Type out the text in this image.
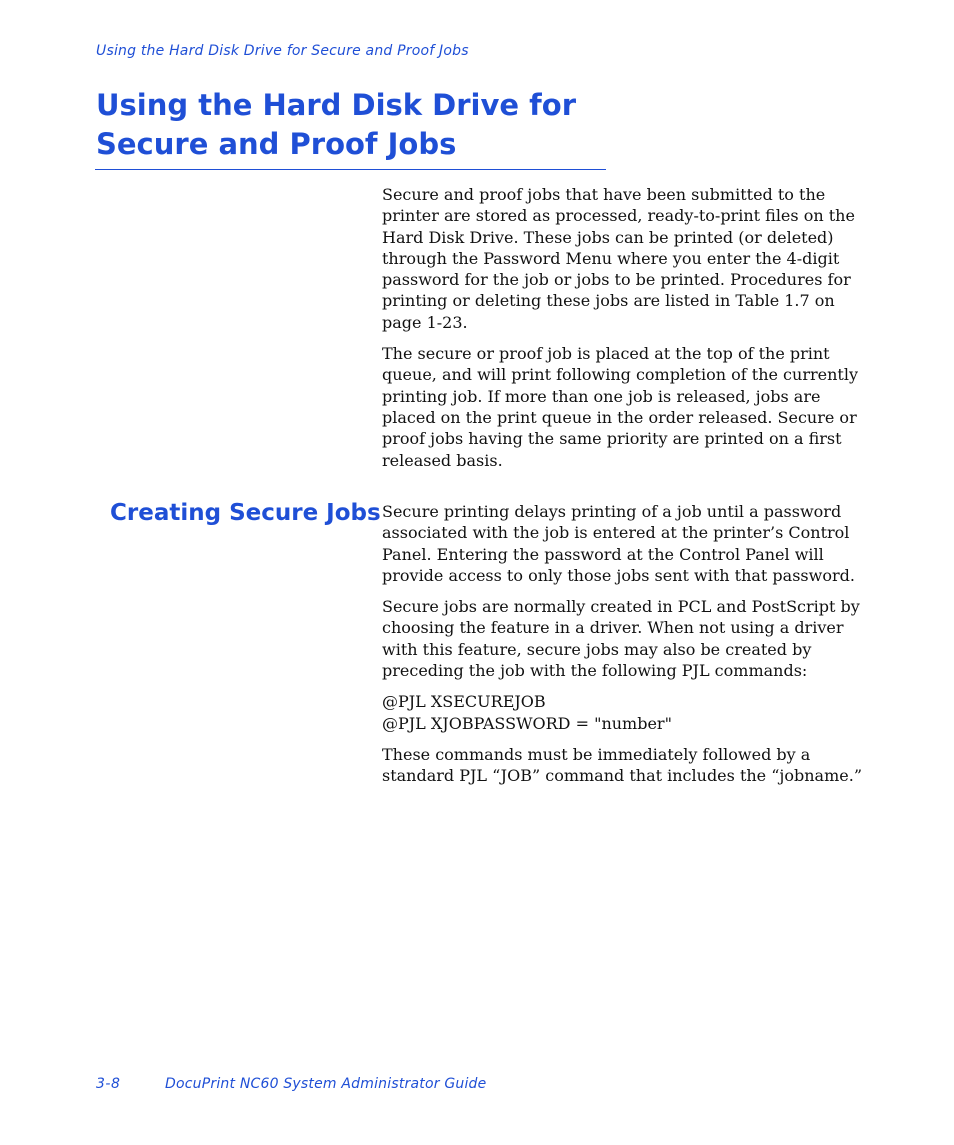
Using the Hard Disk Drive for Secure and Proof Jobs
Using the Hard Disk Drive for
Secure and Proof Jobs

Secure and proof jobs that have been submitted to the printer are stored as processed, ready-to-print files on the Hard Disk Drive. These jobs can be printed (or deleted) through the Password Menu where you enter the 4-digit password for the job or jobs to be printed. Procedures for printing or deleting these jobs are listed in Table 1.7 on page 1-23.

The secure or proof job is placed at the top of the print queue, and will print following completion of the currently printing job. If more than one job is released, jobs are placed on the print queue in the order released. Secure or proof jobs having the same priority are printed on a first released basis.

Creating Secure Jobs Secure printing delays printing of a job until a password associated with the job is entered at the printer’s Control Panel. Entering the password at the Control Panel will provide access to only those jobs sent with that password.

Secure jobs are normally created in PCL and PostScript by choosing the feature in a driver. When not using a driver with this feature, secure jobs may also be created by preceding the job with the following PJL commands:

@PJL XSECUREJOB
@PJL XJOBPASSWORD = "number"

These commands must be immediately followed by a standard PJL “JOB” command that includes the “jobname.”

3-8	DocuPrint NC60 System Administrator Guide
